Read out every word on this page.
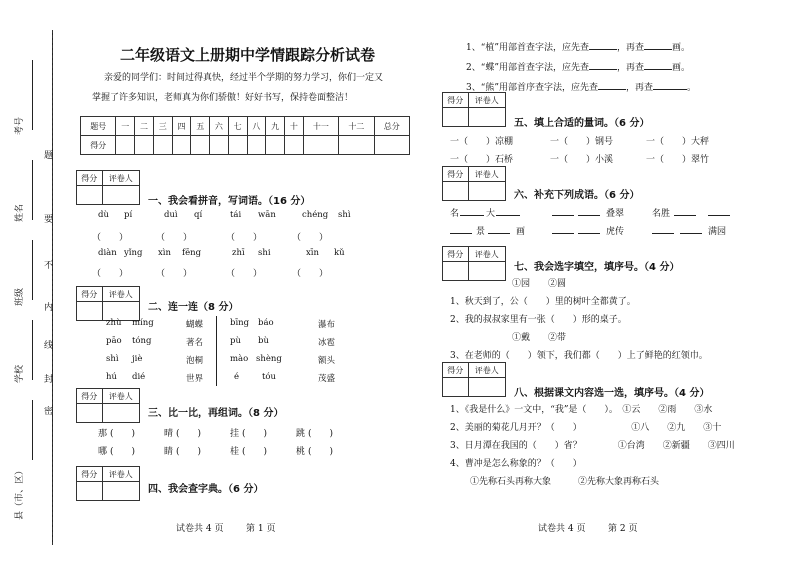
考号
姓名
班级
学校
县（市、区）
题
要
不
内
线
封
密
二年级语文上册期中学情跟踪分析试卷
亲爱的同学们：时间过得真快，经过半个学期的努力学习，你们一定又
掌握了许多知识，老师真为你们骄傲！好好书写，保持卷面整洁！
题号	一	二	三	四	五	六	七	八	九	十	十一	十二	总分
得分													
得分	评卷人

得分	评卷人

得分	评卷人

得分	评卷人

一、我会看拼音，写词语。（16 分）
dù pí	duì qí	tái wān	chéng shì
（　　）	（　　）	（　　）	（　　）
diàn yǐng xìn fēng	zhī shi	xīn kǔ
（　　）	（　　）	（　　）	（　　）
二、连一连（8 分）
zhù míng
pāo tóng
shì jiè
hú dié
蝴蝶
著名
泡桐
世界
bīng báo
pù bù
mào shèng
é	tóu
瀑布
冰雹
额头
茂盛
三、比一比，再组词。（8 分）
那 (　　)	晴 (　　)	挂 (　　)	跳 (　　)
哪 (　　)	睛 (　　)	桂 (　　)	桃 (　　)
四、我会查字典。（6 分）
试卷共 4 页	第 1 页
1、“植”用部首查字法，应先查	，再查	画。
2、“蝶”用部首查字法，应先查	，再查	画。
3、“熊”用部首序查字法，应先查	，再查	。
得分	评卷人

得分	评卷人

得分	评卷人

得分	评卷人

五、填上合适的量词。（6 分）
一（　　）凉棚	一（　　）钢号	一（　　）大秤
一（　　）石桥	一（　　）小溪	一（　　）翠竹
六、补充下列成语。（6 分）
名	大	叠翠	名胜
景	画	虎传	满园
七、我会选字填空，填序号。（4 分）
①园　　②圆
1、秋天到了，公（　　）里的树叶全都黄了。
2、我的叔叔家里有一张（　　）形的桌子。
①戴　　②带
3、在老师的（　　）领下，我们都（　　）上了鲜艳的红领巾。
八、根据课文内容选一选，填序号。（4 分）
1、《我是什么》一文中，“我”是（　　）。　①云　　②雨　　③水
2、美丽的菊花几月开？（　　）　　　　　　①八　　②九　　③十
3、日月潭在我国的（　　）省？　　　　①台湾　　②新疆　　③四川
4、曹冲是怎么称象的？（　　）
①先称石头再称大象　　　②先称大象再称石头
试卷共 4 页	第 2 页
